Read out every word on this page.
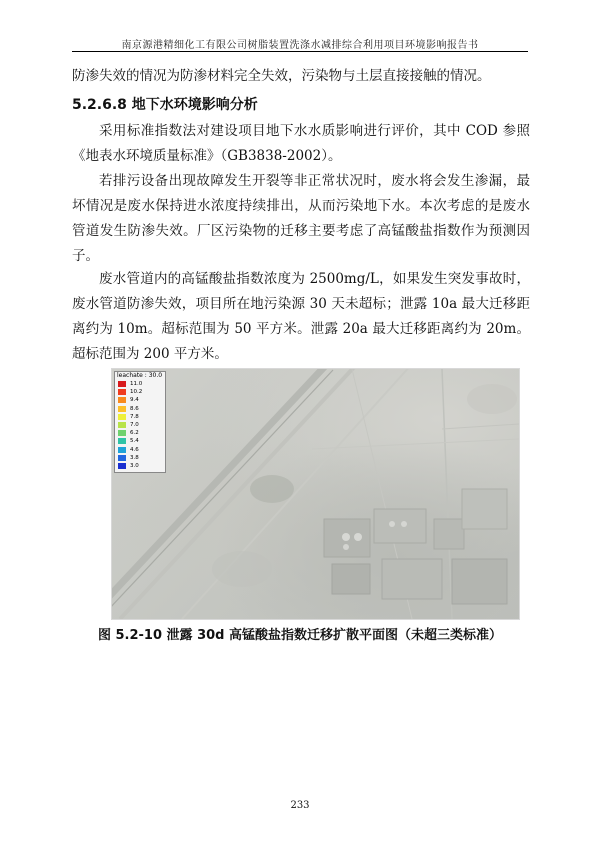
南京源港精细化工有限公司树脂装置洗涤水减排综合利用项目环境影响报告书

防渗失效的情况为防渗材料完全失效，污染物与土层直接接触的情况。

5.2.6.8 地下水环境影响分析

采用标准指数法对建设项目地下水水质影响进行评价，其中 COD 参照《地表水环境质量标准》（GB3838-2002）。

若排污设备出现故障发生开裂等非正常状况时，废水将会发生渗漏，最坏情况是废水保持进水浓度持续排出，从而污染地下水。本次考虑的是废水管道发生防渗失效。厂区污染物的迁移主要考虑了高锰酸盐指数作为预测因子。

废水管道内的高锰酸盐指数浓度为 2500mg/L，如果发生突发事故时，废水管道防渗失效，项目所在地污染源 30 天未超标；泄露 10a 最大迁移距离约为 10m。超标范围为 50 平方米。泄露 20a 最大迁移距离约为 20m。超标范围为 200 平方米。

leachate : 30.0
11.0
10.2
9.4
8.6
7.8
7.0
6.2
5.4
4.6
3.8
3.0
图 5.2-10 泄露 30d 高锰酸盐指数迁移扩散平面图（未超三类标准）
233
